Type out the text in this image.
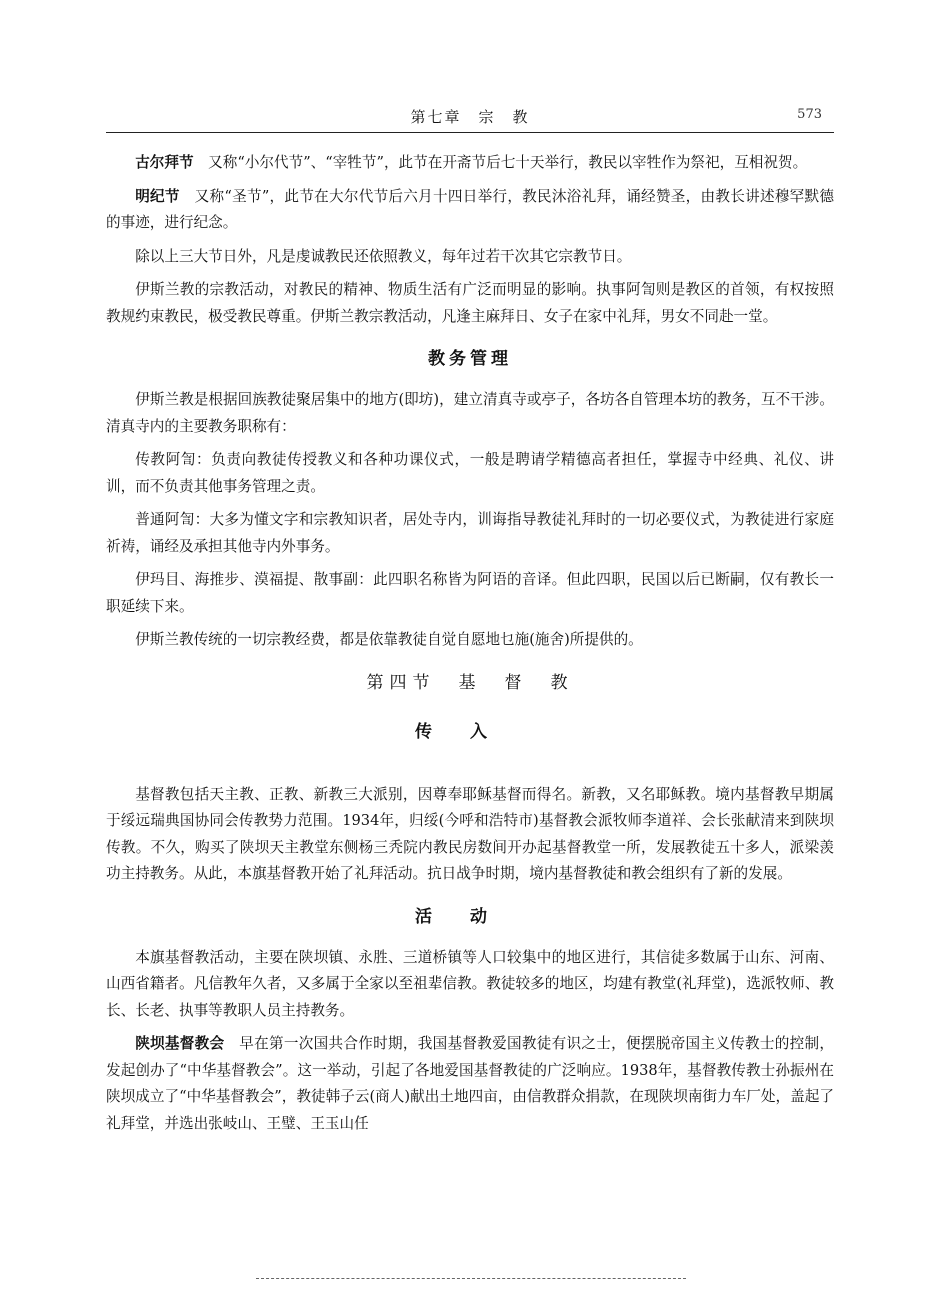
第七章　宗　教	573

古尔拜节　又称“小尔代节”、“宰牲节”，此节在开斋节后七十天举行，教民以宰牲作为祭祀，互相祝贺。

明纪节　又称“圣节”，此节在大尔代节后六月十四日举行，教民沐浴礼拜，诵经赞圣，由教长讲述穆罕默德的事迹，进行纪念。

除以上三大节日外，凡是虔诚教民还依照教义，每年过若干次其它宗教节日。

伊斯兰教的宗教活动，对教民的精神、物质生活有广泛而明显的影响。执事阿訇则是教区的首领，有权按照教规约束教民，极受教民尊重。伊斯兰教宗教活动，凡逢主麻拜日、女子在家中礼拜，男女不同赴一堂。

教务管理

伊斯兰教是根据回族教徒聚居集中的地方(即坊)，建立清真寺或亭子，各坊各自管理本坊的教务，互不干涉。清真寺内的主要教务职称有：

传教阿訇：负责向教徒传授教义和各种功课仪式，一般是聘请学精德高者担任，掌握寺中经典、礼仪、讲训，而不负责其他事务管理之责。

普通阿訇：大多为懂文字和宗教知识者，居处寺内，训诲指导教徒礼拜时的一切必要仪式，为教徒进行家庭祈祷，诵经及承担其他寺内外事务。

伊玛目、海推步、漠福提、散事副：此四职名称皆为阿语的音译。但此四职，民国以后已断嗣，仅有教长一职延续下来。

伊斯兰教传统的一切宗教经费，都是依靠教徒自觉自愿地乜施(施舍)所提供的。

第四节　基　督　教
传入

基督教包括天主教、正教、新教三大派别，因尊奉耶稣基督而得名。新教，又名耶稣教。境内基督教早期属于绥远瑞典国协同会传教势力范围。1934年，归绥(今呼和浩特市)基督教会派牧师李道祥、会长张献清来到陕坝传教。不久，购买了陕坝天主教堂东侧杨三秃院内教民房数间开办起基督教堂一所，发展教徒五十多人，派梁羡功主持教务。从此，本旗基督教开始了礼拜活动。抗日战争时期，境内基督教徒和教会组织有了新的发展。

活动

本旗基督教活动，主要在陕坝镇、永胜、三道桥镇等人口较集中的地区进行，其信徒多数属于山东、河南、山西省籍者。凡信教年久者，又多属于全家以至祖辈信教。教徒较多的地区，均建有教堂(礼拜堂)，选派牧师、教长、长老、执事等教职人员主持教务。

陕坝基督教会　早在第一次国共合作时期，我国基督教爱国教徒有识之士，便摆脱帝国主义传教士的控制，发起创办了“中华基督教会”。这一举动，引起了各地爱国基督教徒的广泛响应。1938年，基督教传教士孙振州在陕坝成立了“中华基督教会”，教徒韩子云(商人)献出土地四亩，由信教群众捐款，在现陕坝南街力车厂处，盖起了礼拜堂，并选出张岐山、王璧、王玉山任
